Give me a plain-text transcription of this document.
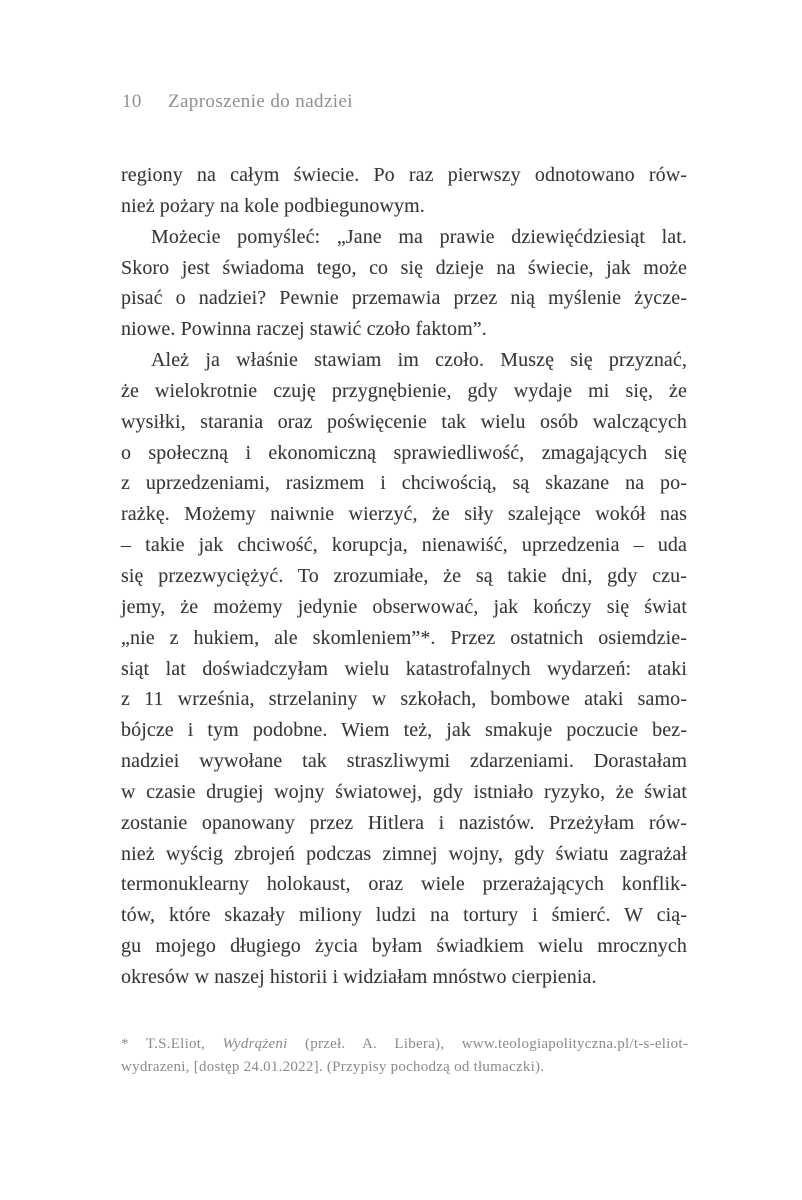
10 Zaproszenie do nadziei
regiony na całym świecie. Po raz pierwszy odnotowano rów-
nież pożary na kole podbiegunowym.
Możecie pomyśleć: „Jane ma prawie dziewięćdziesiąt lat.
Skoro jest świadoma tego, co się dzieje na świecie, jak może
pisać o nadziei? Pewnie przemawia przez nią myślenie życze-
niowe. Powinna raczej stawić czoło faktom”.
Ależ ja właśnie stawiam im czoło. Muszę się przyznać,
że wielokrotnie czuję przygnębienie, gdy wydaje mi się, że
wysiłki, starania oraz poświęcenie tak wielu osób walczących
o społeczną i ekonomiczną sprawiedliwość, zmagających się
z uprzedzeniami, rasizmem i chciwością, są skazane na po-
rażkę. Możemy naiwnie wierzyć, że siły szalejące wokół nas
– takie jak chciwość, korupcja, nienawiść, uprzedzenia – uda
się przezwyciężyć. To zrozumiałe, że są takie dni, gdy czu-
jemy, że możemy jedynie obserwować, jak kończy się świat
„nie z hukiem, ale skomleniem”*. Przez ostatnich osiemdzie-
siąt lat doświadczyłam wielu katastrofalnych wydarzeń: ataki
z 11 września, strzelaniny w szkołach, bombowe ataki samo-
bójcze i tym podobne. Wiem też, jak smakuje poczucie bez-
nadziei wywołane tak straszliwymi zdarzeniami. Dorastałam
w czasie drugiej wojny światowej, gdy istniało ryzyko, że świat
zostanie opanowany przez Hitlera i nazistów. Przeżyłam rów-
nież wyścig zbrojeń podczas zimnej wojny, gdy światu zagrażał
termonuklearny holokaust, oraz wiele przerażających konflik-
tów, które skazały miliony ludzi na tortury i śmierć. W cią-
gu mojego długiego życia byłam świadkiem wielu mrocznych
okresów w naszej historii i widziałam mnóstwo cierpienia.
* T.S.Eliot, Wydrążeni (przeł. A. Libera), www.teologiapolityczna.pl/t-s-eliot-
wydrazeni, [dostęp 24.01.2022]. (Przypisy pochodzą od tłumaczki).
